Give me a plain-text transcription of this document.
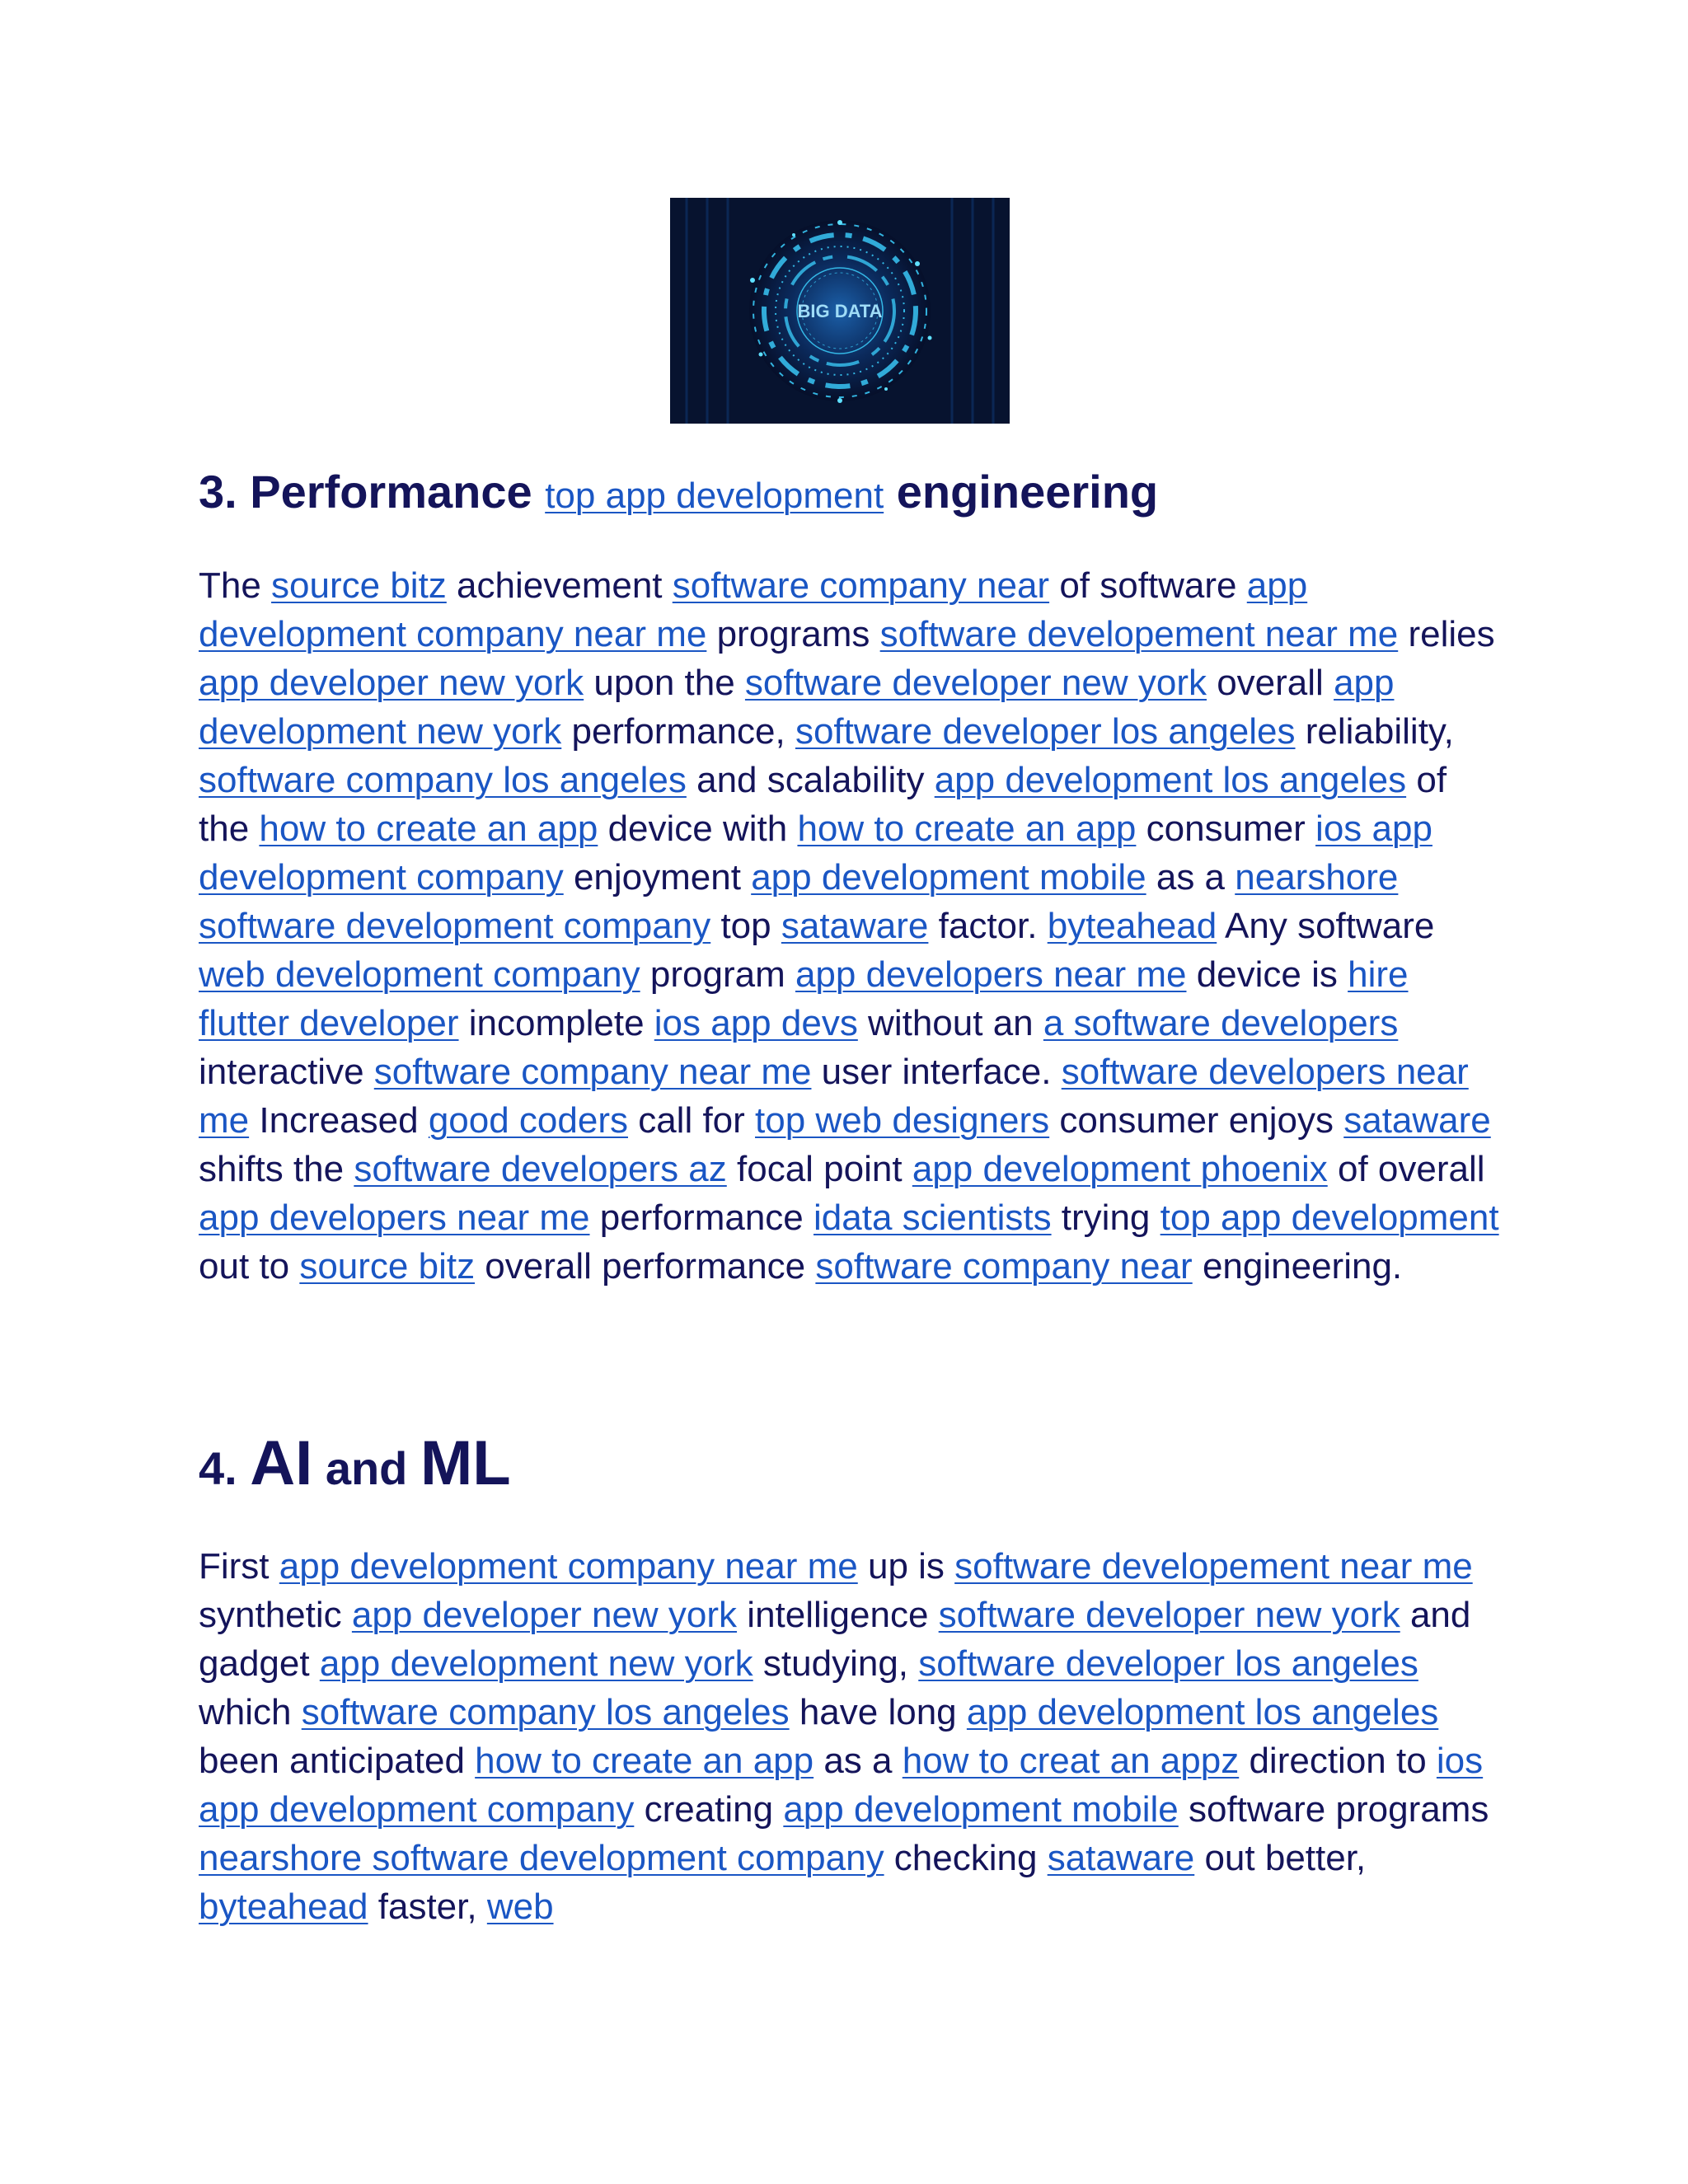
BIG DATA
3. Performance top app development engineering

The source bitz achievement software company near of software app development company near me programs software developement near me relies app developer new york upon the software developer new york overall app development new york performance, software developer los angeles reliability, software company los angeles and scalability app development los angeles of the how to create an app device with how to create an app consumer ios app development company enjoyment app development mobile as a nearshore software development company top sataware factor. byteahead Any software web development company program app developers near me device is hire flutter developer incomplete ios app devs without an a software developers interactive software company near me user interface. software developers near me Increased good coders call for top web designers consumer enjoys sataware shifts the software developers az focal point app development phoenix of overall app developers near me performance idata scientists trying top app development out to source bitz overall performance software company near engineering.

4. AI and ML

First app development company near me up is software developement near me synthetic app developer new york intelligence software developer new york and gadget app development new york studying, software developer los angeles which software company los angeles have long app development los angeles been anticipated how to create an app as a how to creat an appz direction to ios app development company creating app development mobile software programs nearshore software development company checking sataware out better, byteahead faster, web
